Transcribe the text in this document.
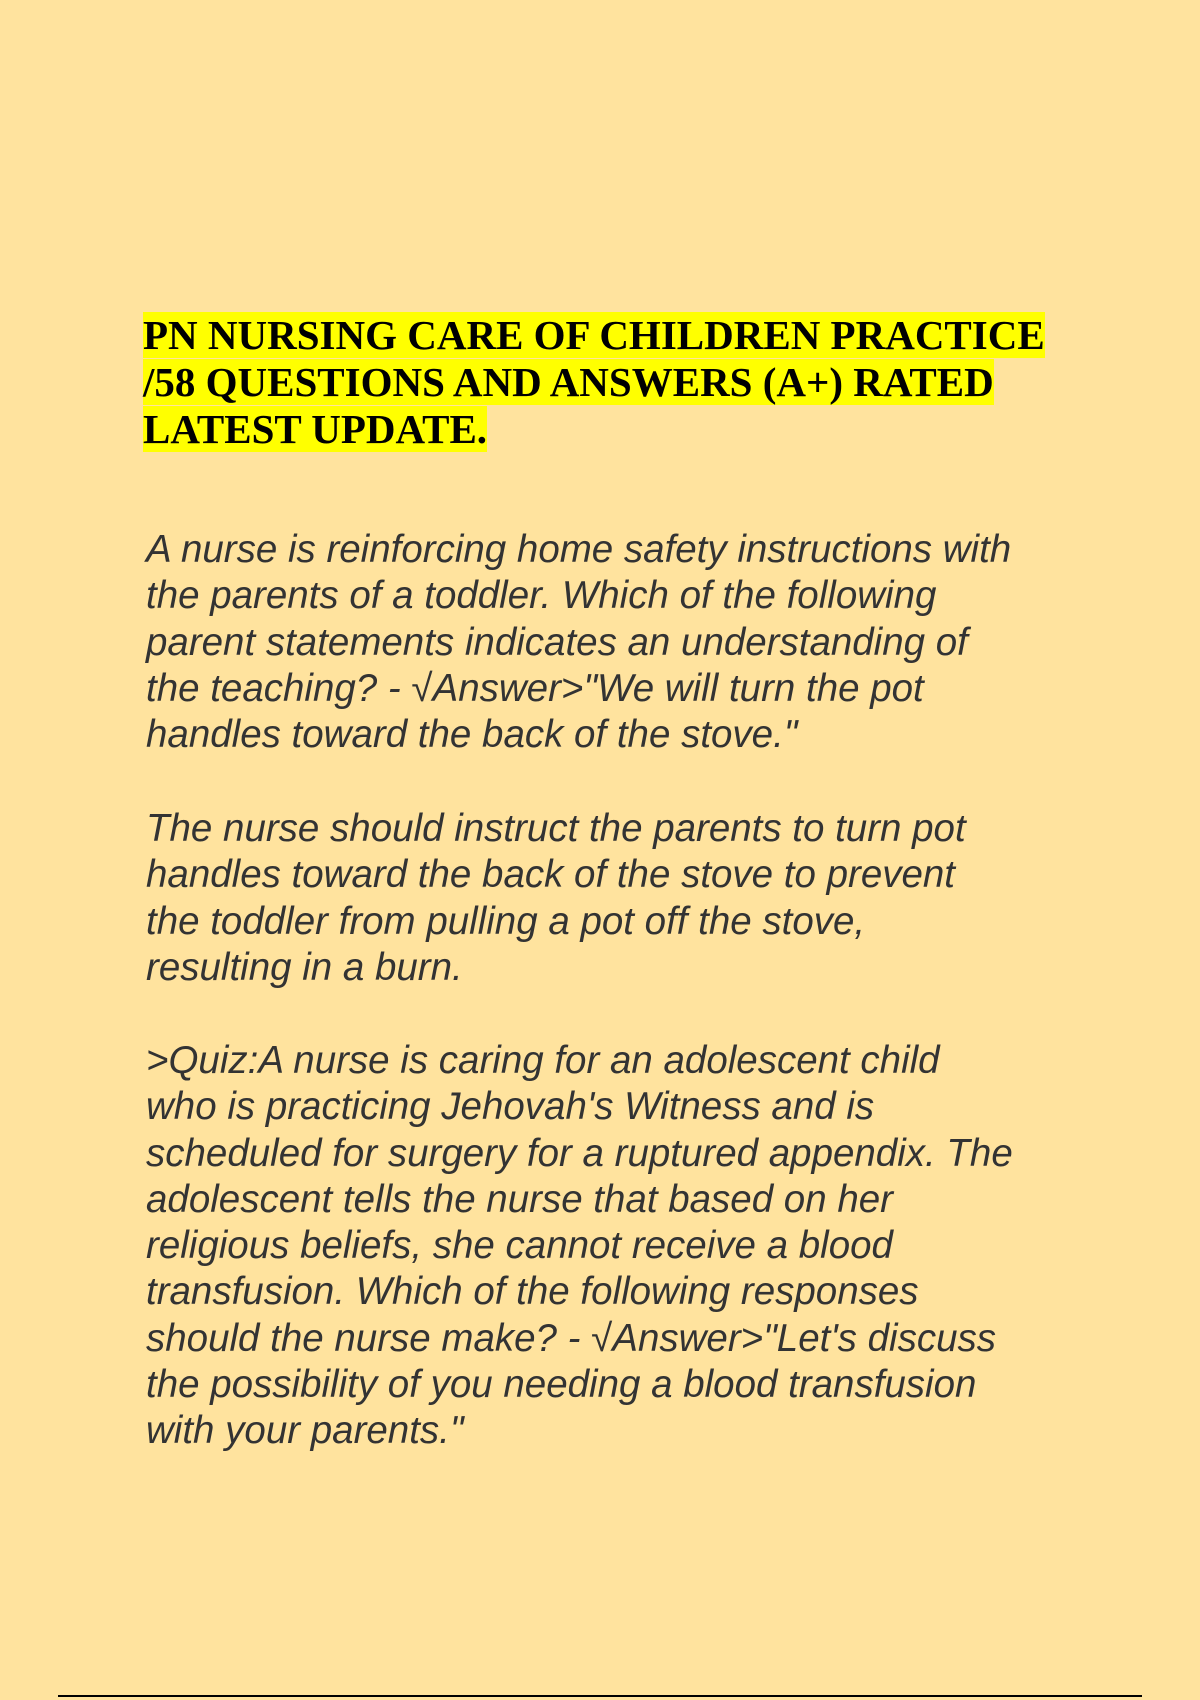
PN NURSING CARE OF CHILDREN PRACTICE
/58 QUESTIONS AND ANSWERS (A+) RATED
LATEST UPDATE.

A nurse is reinforcing home safety instructions with
the parents of a toddler. Which of the following
parent statements indicates an understanding of
the teaching? - √Answer>"We will turn the pot
handles toward the back of the stove."

The nurse should instruct the parents to turn pot
handles toward the back of the stove to prevent
the toddler from pulling a pot off the stove,
resulting in a burn.

>Quiz:A nurse is caring for an adolescent child
who is practicing Jehovah's Witness and is
scheduled for surgery for a ruptured appendix. The
adolescent tells the nurse that based on her
religious beliefs, she cannot receive a blood
transfusion. Which of the following responses
should the nurse make? - √Answer>"Let's discuss
the possibility of you needing a blood transfusion
with your parents."
